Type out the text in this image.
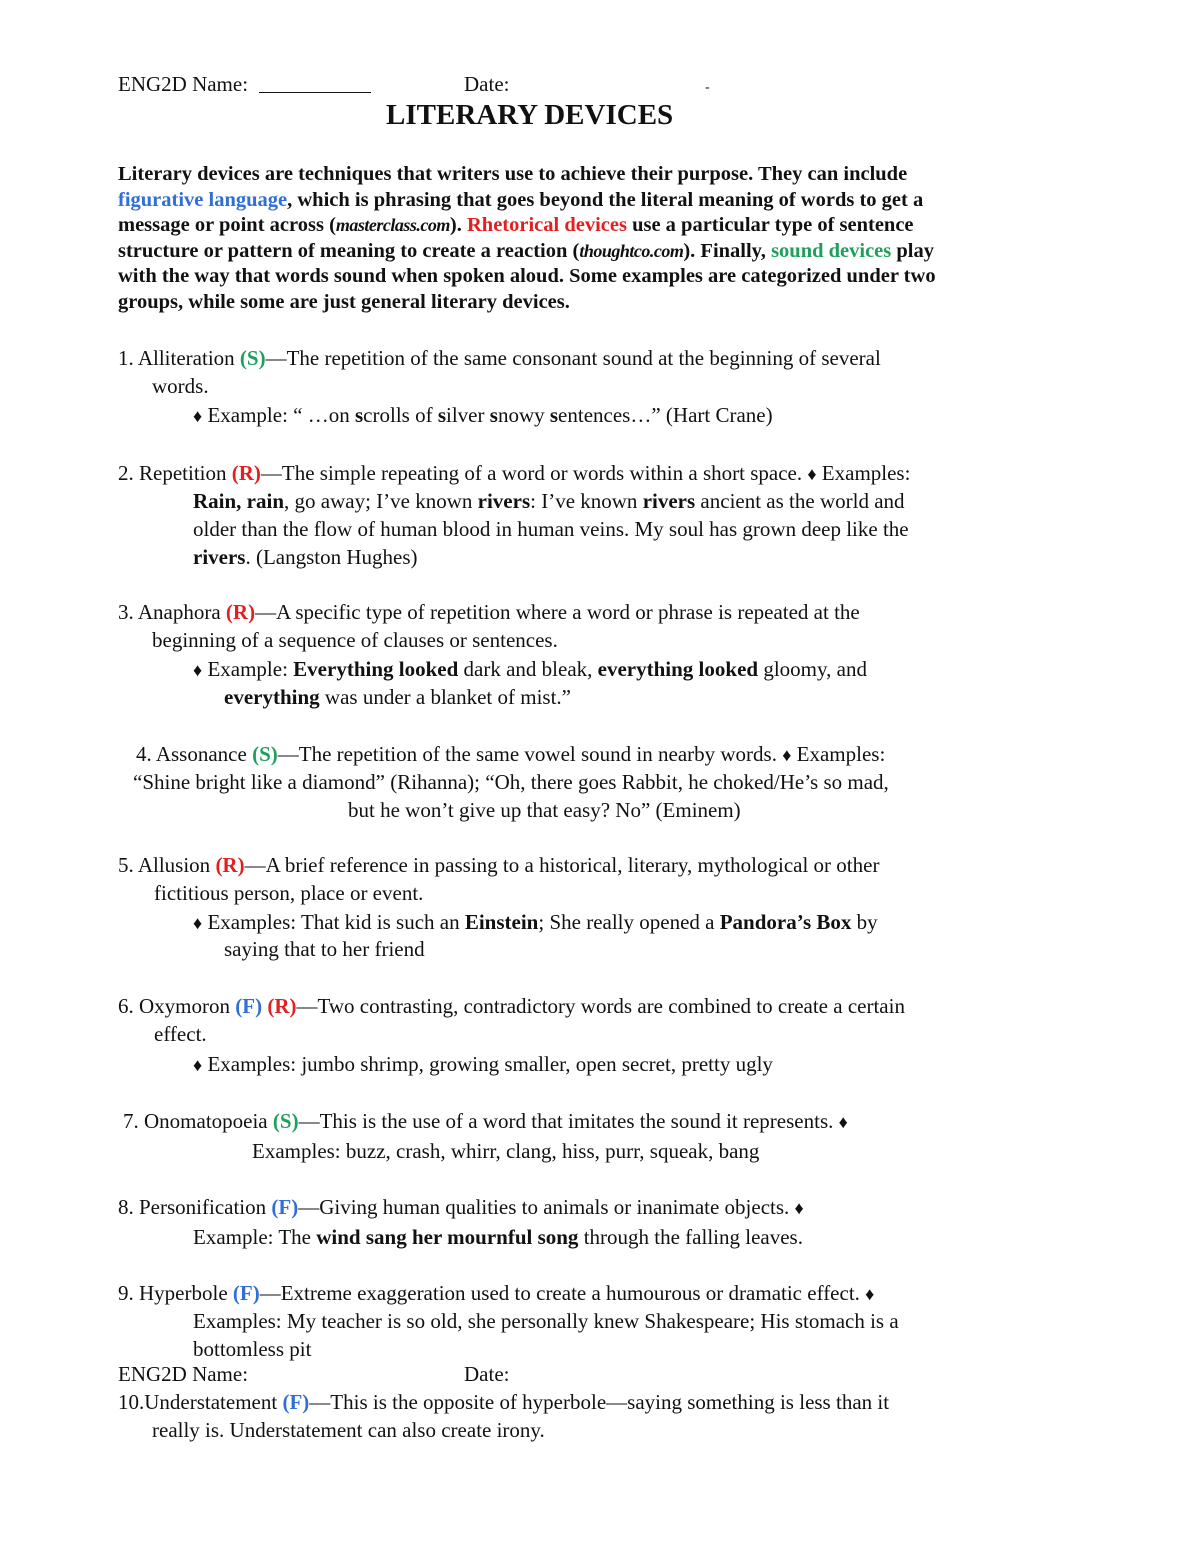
ENG2D Name:	Date:	-
LITERARY DEVICES
Literary devices are techniques that writers use to achieve their purpose. They can include
figurative language, which is phrasing that goes beyond the literal meaning of words to get a
message or point across (masterclass.com). Rhetorical devices use a particular type of sentence
structure or pattern of meaning to create a reaction (thoughtco.com). Finally, sound devices play
with the way that words sound when spoken aloud. Some examples are categorized under two
groups, while some are just general literary devices.
1. Alliteration (S)—The repetition of the same consonant sound at the beginning of several
words.
♦ Example: “ …on scrolls of silver snowy sentences…” (Hart Crane)
2. Repetition (R)—The simple repeating of a word or words within a short space. ♦ Examples:
Rain, rain, go away; I’ve known rivers: I’ve known rivers ancient as the world and
older than the flow of human blood in human veins. My soul has grown deep like the
rivers. (Langston Hughes)
3. Anaphora (R)—A specific type of repetition where a word or phrase is repeated at the
beginning of a sequence of clauses or sentences.
♦ Example: Everything looked dark and bleak, everything looked gloomy, and
everything was under a blanket of mist.”
4. Assonance (S)—The repetition of the same vowel sound in nearby words. ♦ Examples:
“Shine bright like a diamond” (Rihanna); “Oh, there goes Rabbit, he choked/He’s so mad,
but he won’t give up that easy? No” (Eminem)
5. Allusion (R)—A brief reference in passing to a historical, literary, mythological or other
fictitious person, place or event.
♦ Examples: That kid is such an Einstein; She really opened a Pandora’s Box by
saying that to her friend
6. Oxymoron (F) (R)—Two contrasting, contradictory words are combined to create a certain
effect.
♦ Examples: jumbo shrimp, growing smaller, open secret, pretty ugly
7. Onomatopoeia (S)—This is the use of a word that imitates the sound it represents. ♦
Examples: buzz, crash, whirr, clang, hiss, purr, squeak, bang
8. Personification (F)—Giving human qualities to animals or inanimate objects. ♦
Example: The wind sang her mournful song through the falling leaves.
9. Hyperbole (F)—Extreme exaggeration used to create a humourous or dramatic effect. ♦
Examples: My teacher is so old, she personally knew Shakespeare; His stomach is a
bottomless pit
ENG2D Name:	Date:
10.Understatement (F)—This is the opposite of hyperbole—saying something is less than it
really is. Understatement can also create irony.
